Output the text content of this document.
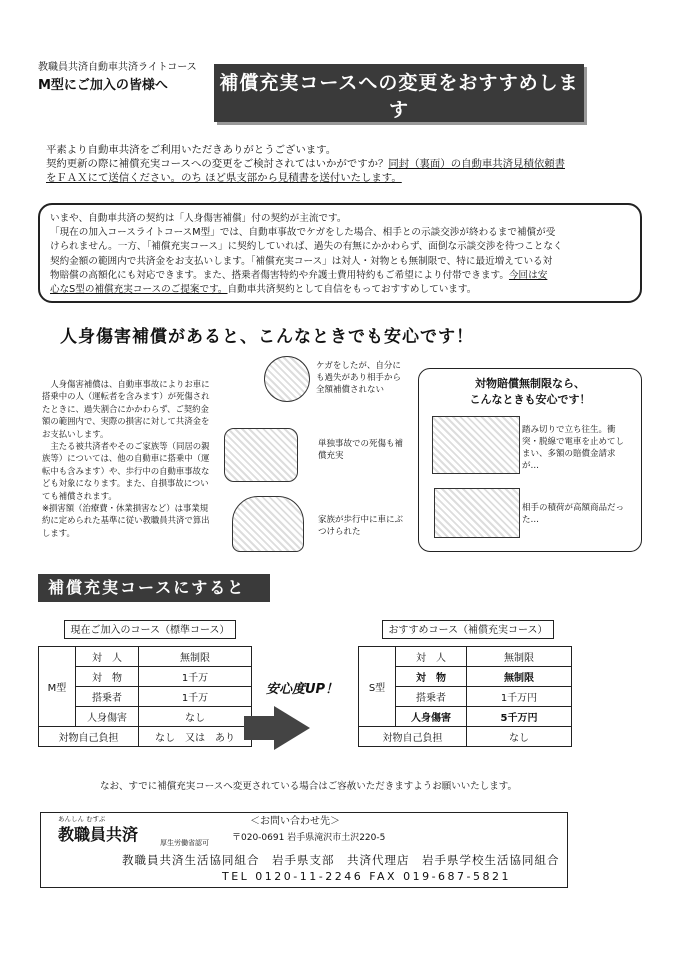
教職員共済自動車共済ライトコース
M型にご加入の皆様へ	補償充実コースへの変更をおすすめします
人身傷害補償付＆対物賠償無制限に変更しませんか？
平素より自動車共済をご利用いただきありがとうございます。
契約更新の際に補償充実コースへの変更をご検討されてはいかがですか？同封（裏面）の自動車共済見積依頼書
をＦＡＸにて送信ください。のち ほど県支部から見積書を送付いたします。
いまや、自動車共済の契約は「人身傷害補償」付の契約が主流です。
「現在の加入コースライトコースM型」では、自動車事故でケガをした場合、相手との示談交渉が終わるまで補償が受
けられません。一方、「補償充実コース」に契約していれば、過失の有無にかかわらず、面倒な示談交渉を待つことなく
契約金額の範囲内で共済金をお支払いします。「補償充実コース」は対人・対物とも無制限で、特に最近増えている対
物賠償の高額化にも対応できます。また、搭乗者傷害特約や弁護士費用特約もご希望により付帯できます。今回は安
心なS型の補償充実コースのご提案です。自動車共済契約として自信をもっておすすめしています。
人身傷害補償があると、こんなときでも安心です！

人身傷害補償は、自動車事故によりお車に搭乗中の人（運転者を含みます）が死傷されたときに、過失割合にかかわらず、ご契約金額の範囲内で、実際の損害に対して共済金をお支払いします。

主たる被共済者やそのご家族等（同居の親族等）については、他の自動車に搭乗中（運転中も含みます）や、歩行中の自動車事故なども対象になります。また、自損事故についても補償されます。

※損害額（治療費・休業損害など）は事業規約に定められた基準に従い教職員共済で算出します。

ケガをしたが、自分にも過失があり相手から全額補償されない
単独事故での死傷も補償充実
家族が歩行中に車にぶつけられた
対物賠償無制限なら、
こんなときも安心です！
踏み切りで立ち往生。衝突・脱線で電車を止めてしまい、多額の賠償金請求が…
相手の積荷が高額商品だった…
補償充実コースにすると
現在ご加入のコース（標準コース）
M型	対　人	無制限
	対　物	1千万
	搭乗者	1千万
	人身傷害	なし
対物自己負担		なし　又は　あり
安心度UP！
おすすめコース（補償充実コース）
S型	対　人	無制限
	対　物	無制限
	搭乗者	1千万円
	人身傷害	5千万円
対物自己負担		なし
なお、すでに補償充実コースへ変更されている場合はご容赦いただきますようお願いいたします。
あんしん むすぶ
教職員共済
＜お問い合わせ先＞
〒020-0691 岩手県滝沢市土沢220-5
厚生労働省認可
教職員共済生活協同組合　岩手県支部　共済代理店　岩手県学校生活協同組合
TEL 0120-11-2246 FAX 019-687-5821
